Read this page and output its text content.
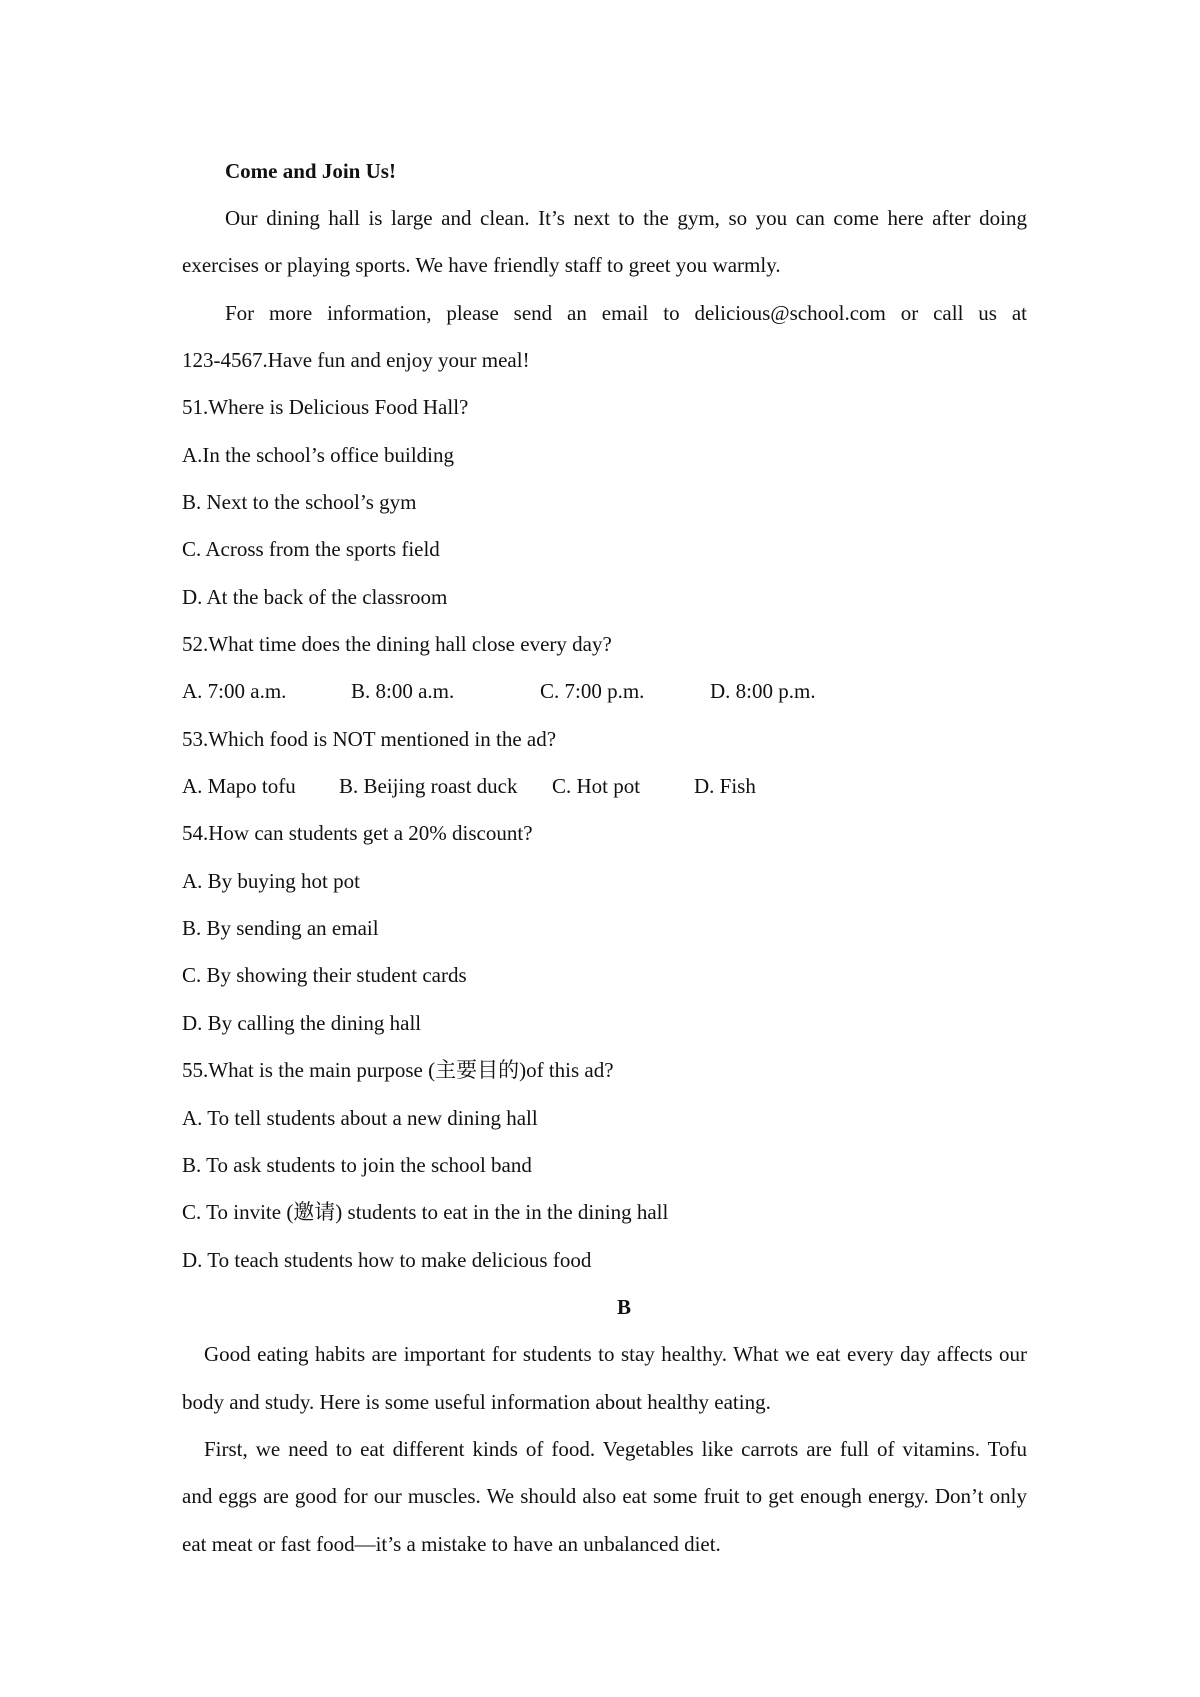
Come and Join Us!
Our dining hall is large and clean. It’s next to the gym, so you can come here after doing
exercises or playing sports. We have friendly staff to greet you warmly.
For more information, please send an email to delicious@school.com or call us at
123-4567.Have fun and enjoy your meal!
51.Where is Delicious Food Hall?
A.In the school’s office building
B. Next to the school’s gym
C. Across from the sports field
D. At the back of the classroom
52.What time does the dining hall close every day?
A. 7:00 a.m.	B. 8:00 a.m.	C. 7:00 p.m.	D. 8:00 p.m.
53.Which food is NOT mentioned in the ad?
A. Mapo tofu B. Beijing roast duck C. Hot pot	D. Fish
54.How can students get a 20% discount?
A. By buying hot pot
B. By sending an email
C. By showing their student cards
D. By calling the dining hall
55.What is the main purpose (主要目的)of this ad?
A. To tell students about a new dining hall
B. To ask students to join the school band
C. To invite (邀请) students to eat in the in the dining hall
D. To teach students how to make delicious food
B
Good eating habits are important for students to stay healthy. What we eat every day affects our
body and study. Here is some useful information about healthy eating.
First, we need to eat different kinds of food. Vegetables like carrots are full of vitamins. Tofu
and eggs are good for our muscles. We should also eat some fruit to get enough energy. Don’t only
eat meat or fast food—it’s a mistake to have an unbalanced diet.
